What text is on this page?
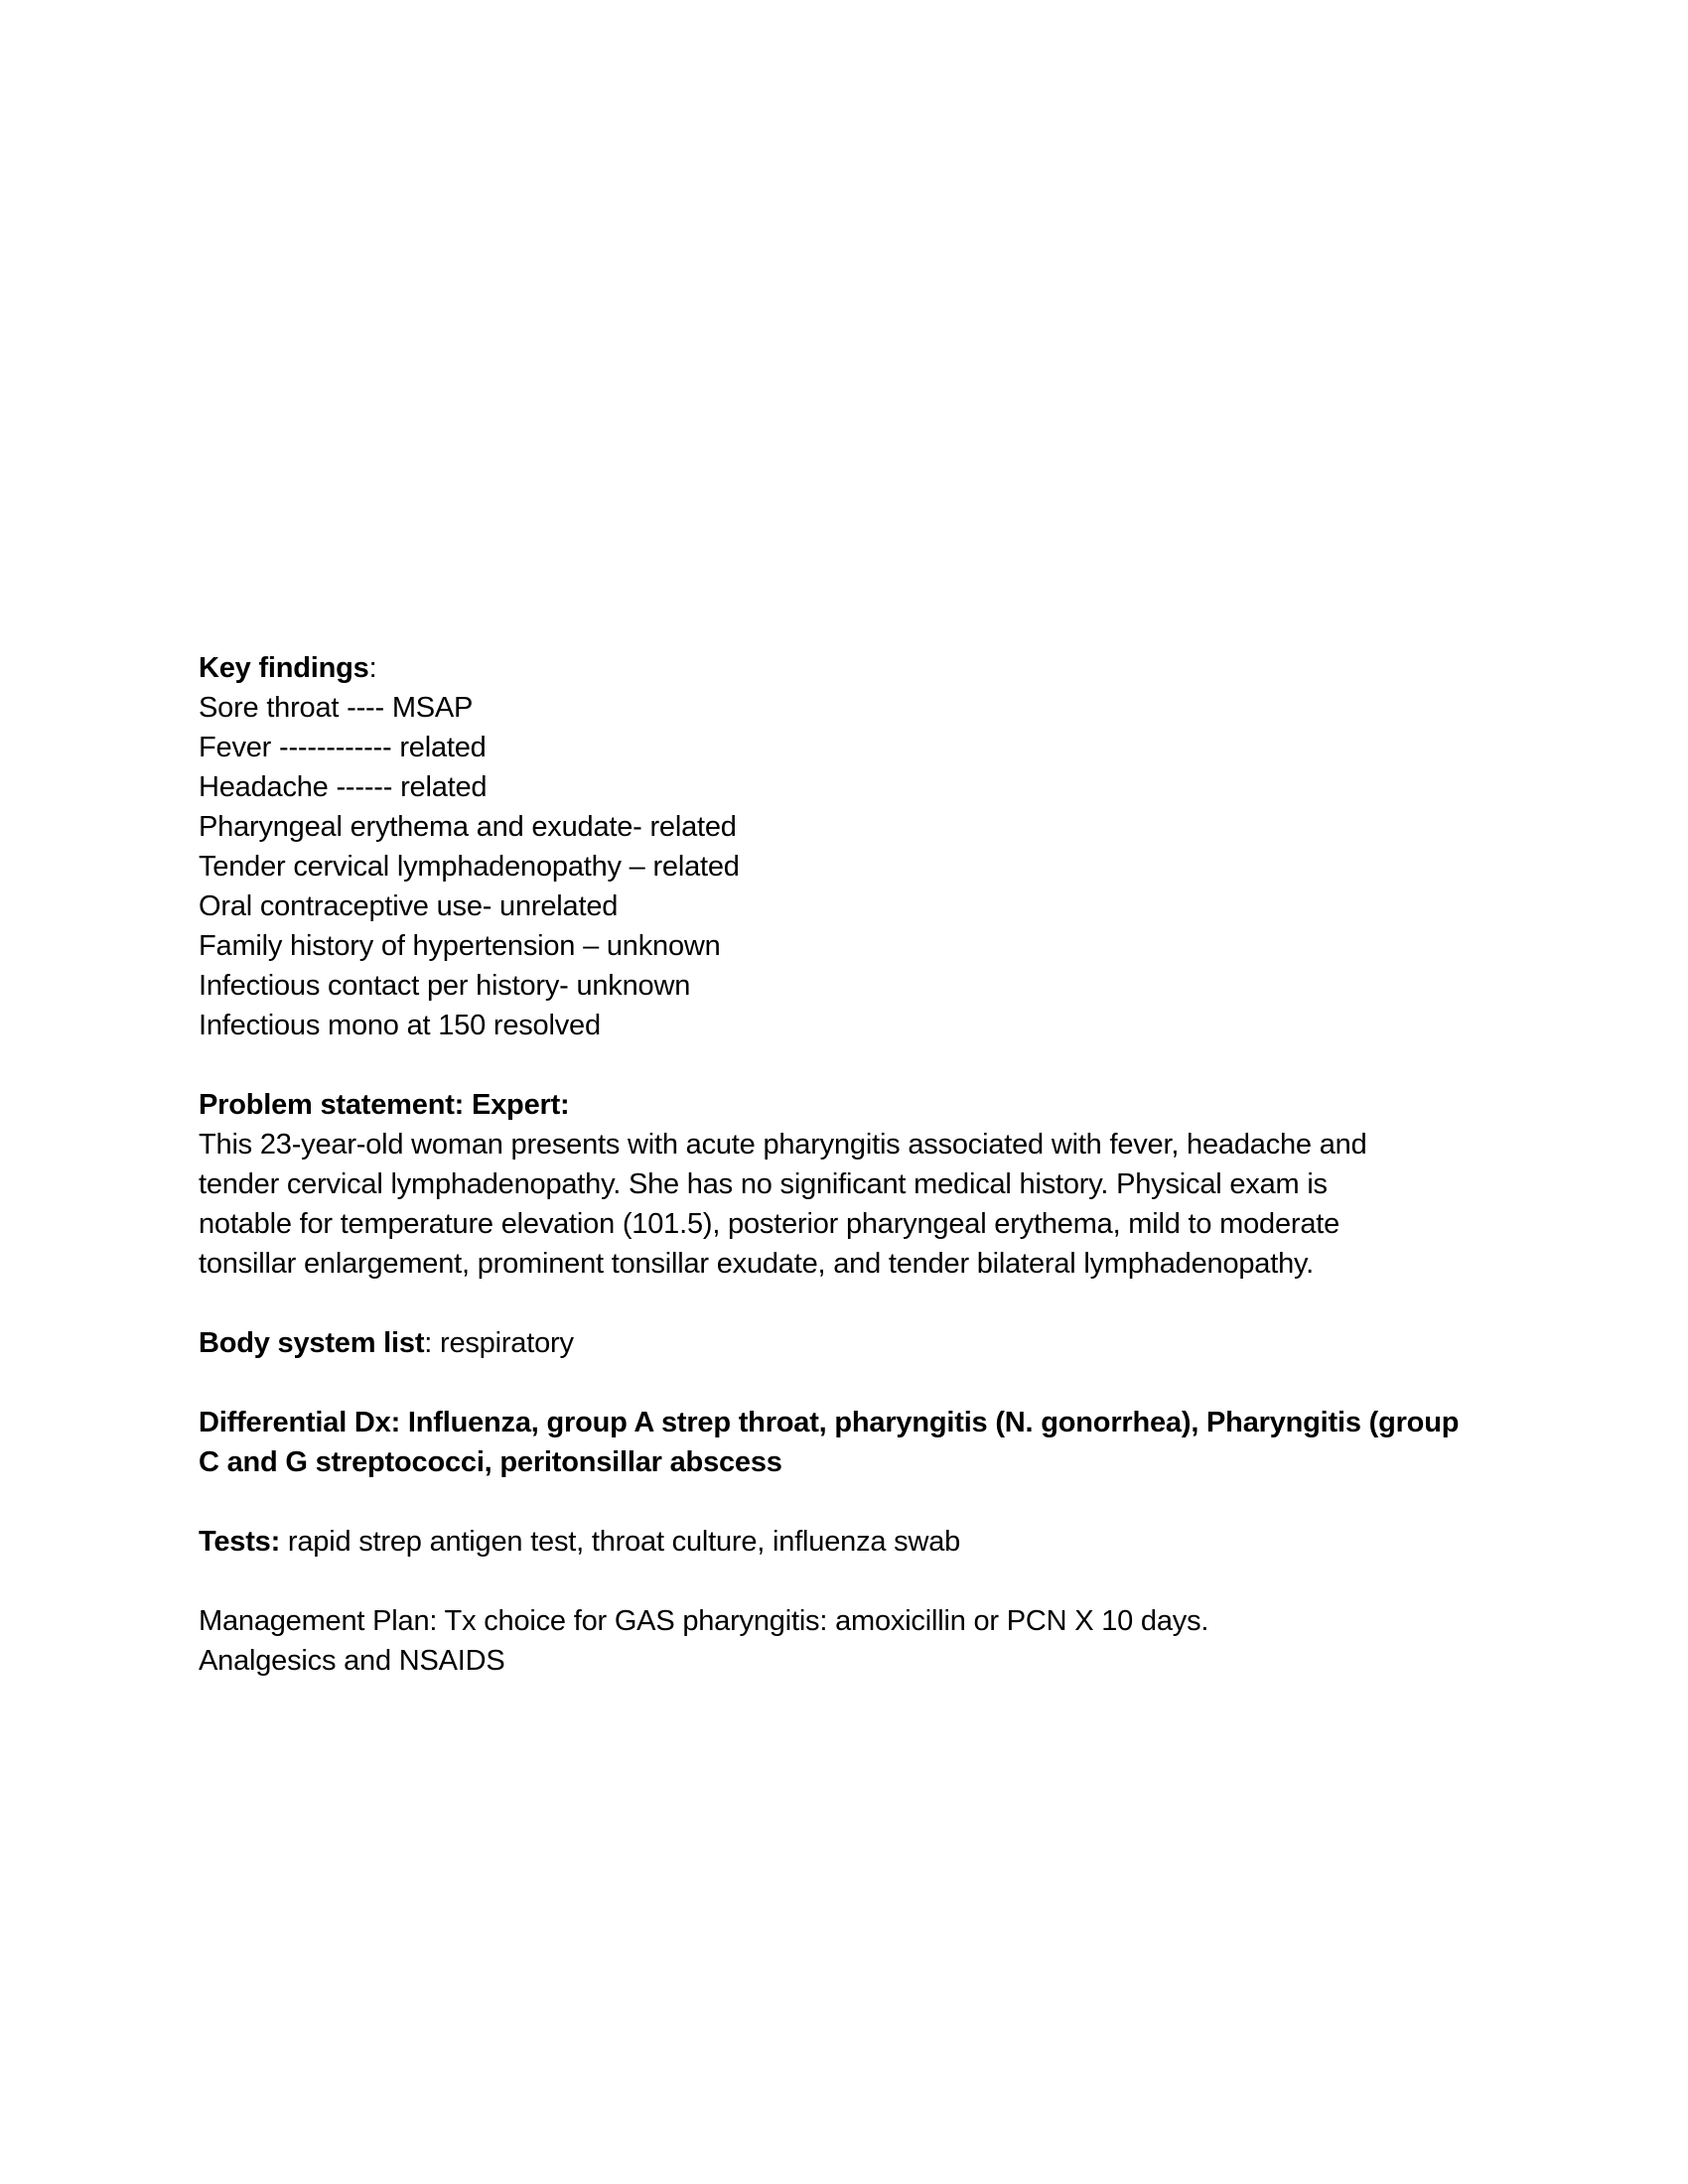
Key findings:
Sore throat ---- MSAP
Fever ------------ related
Headache ------ related
Pharyngeal erythema and exudate- related
Tender cervical lymphadenopathy – related
Oral contraceptive use- unrelated
Family history of hypertension – unknown
Infectious contact per history- unknown
Infectious mono at 150 resolved
Problem statement: Expert:
This 23-year-old woman presents with acute pharyngitis associated with fever, headache and
tender cervical lymphadenopathy. She has no significant medical history. Physical exam is
notable for temperature elevation (101.5), posterior pharyngeal erythema, mild to moderate
tonsillar enlargement, prominent tonsillar exudate, and tender bilateral lymphadenopathy.
Body system list: respiratory
Differential Dx: Influenza, group A strep throat, pharyngitis (N. gonorrhea), Pharyngitis (group
C and G streptococci, peritonsillar abscess
Tests: rapid strep antigen test, throat culture, influenza swab
Management Plan: Tx choice for GAS pharyngitis: amoxicillin or PCN X 10 days.
Analgesics and NSAIDS
